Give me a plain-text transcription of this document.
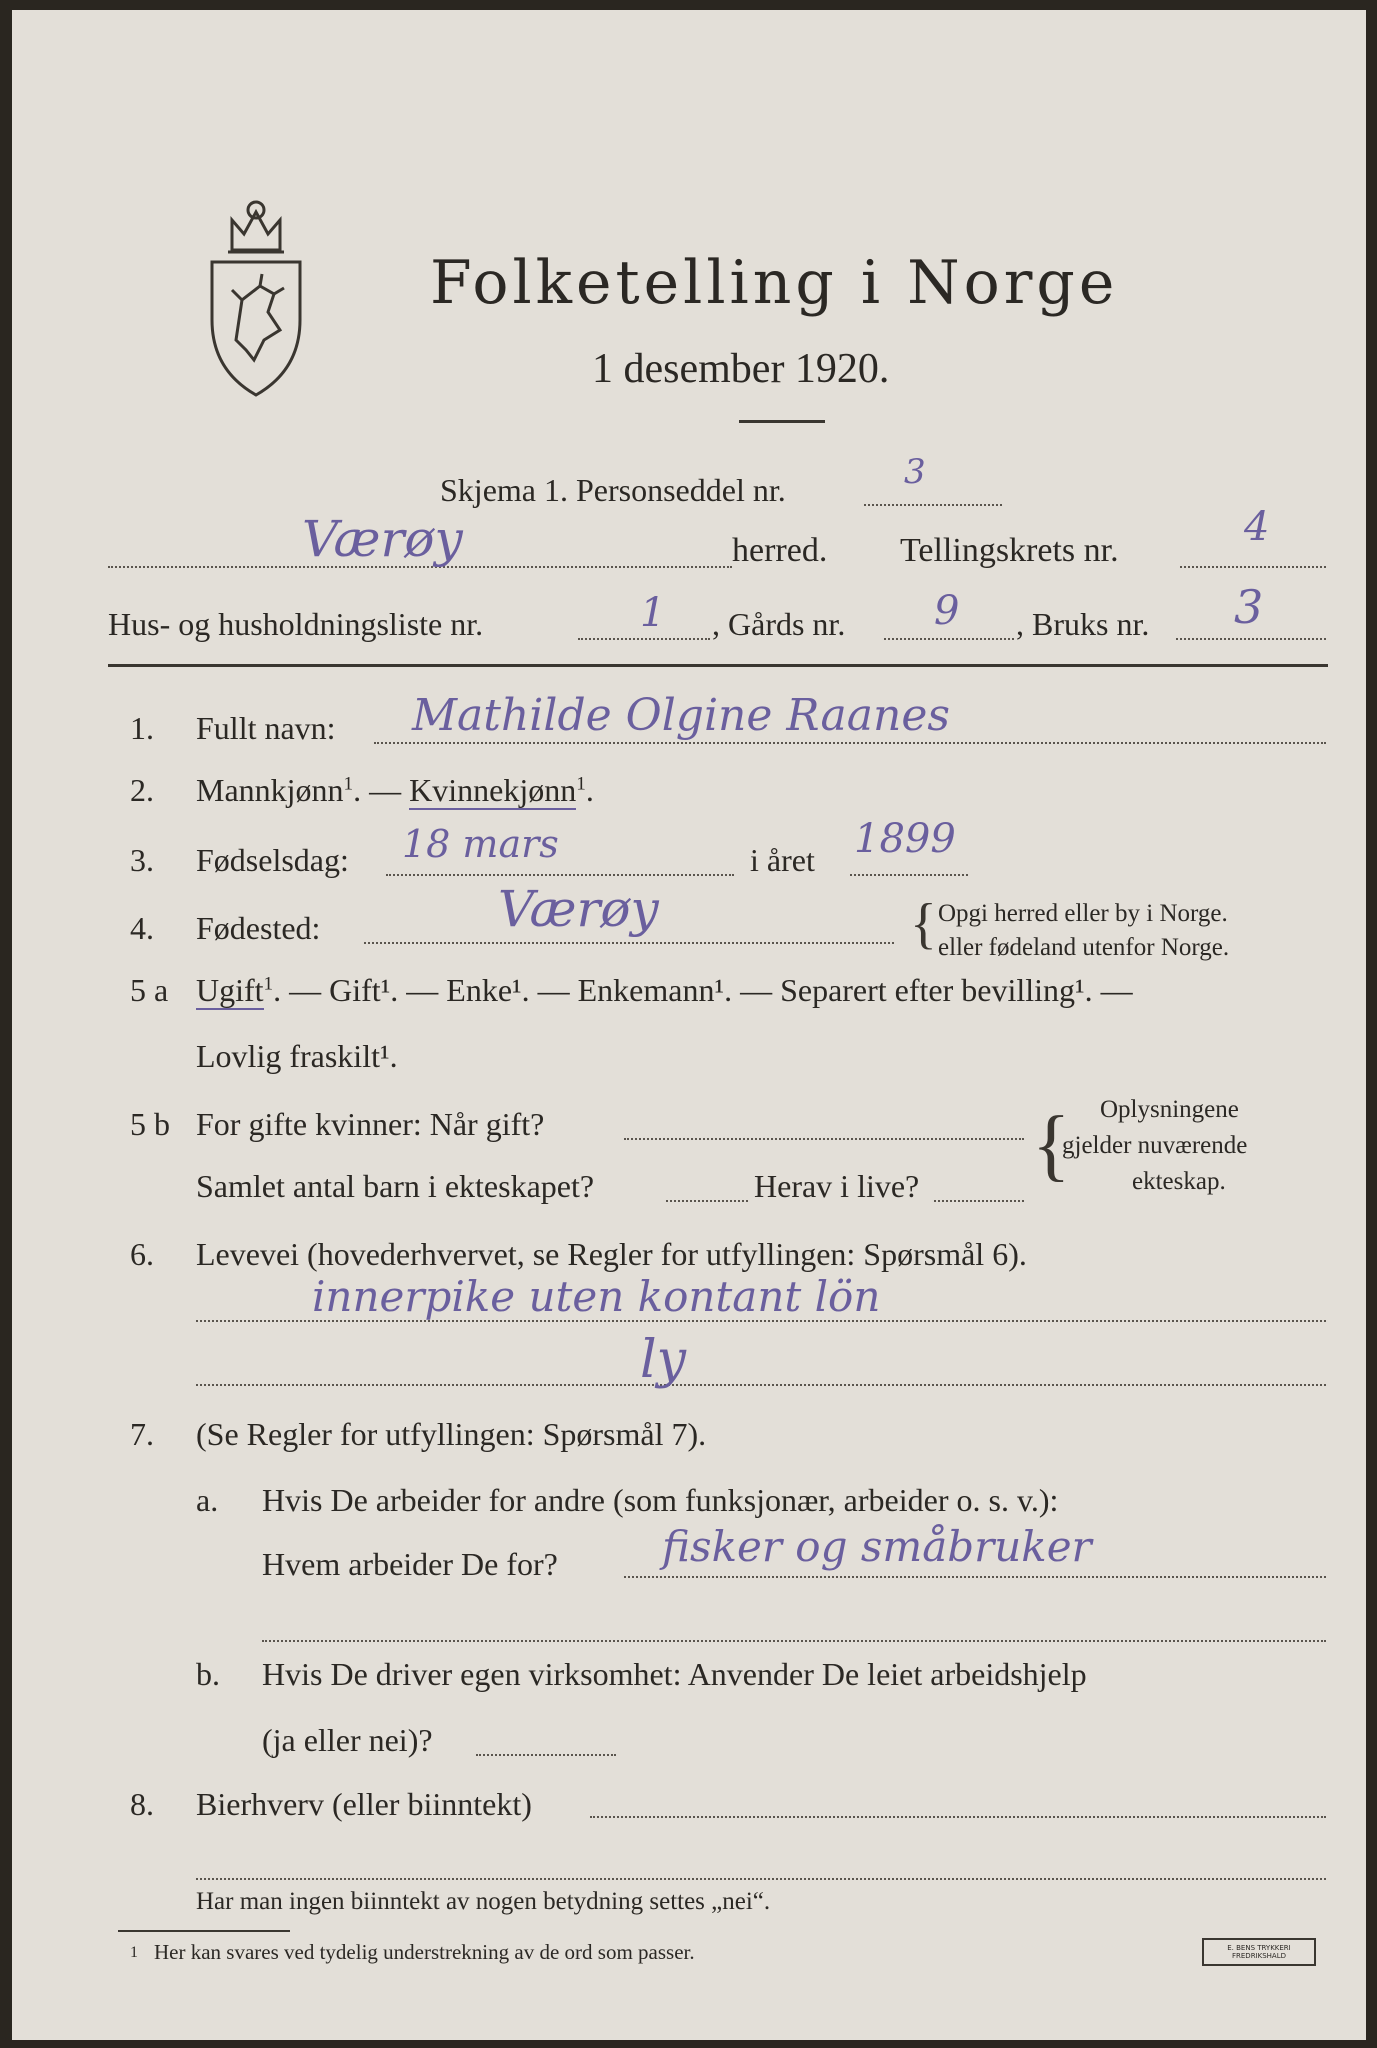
Folketelling i Norge
1 desember 1920.
Skjema 1. Personseddel nr.	3
Værøy	herred. Tellingskrets nr.
4
Hus- og husholdningsliste nr.	1 , Gårds nr. 9 , Bruks nr. 3
1. Fullt navn: Mathilde Olgine Raanes
2. Mannkjønn$^1$. — Kvinnekjønn$^1$.
3. Fødselsdag: 18 mars	i året 1899
4. Fødested:	Værøy	{ Opgi herred eller by i Norge.
eller fødeland utenfor Norge.
5 a Ugift$^1$. — Gift¹. — Enke¹. — Enkemann¹. — Separert efter bevilling¹. —
Lovlig fraskilt¹.
5 b For gifte kvinner: Når gift?
Samlet antal barn i ekteskapet?	Herav i live? { Oplysningene
gjelder nuværende
ekteskap.
6. Levevei (hovederhvervet, se Regler for utfyllingen: Spørsmål 6).
innerpike uten kontant lön
ly
7. (Se Regler for utfyllingen: Spørsmål 7).
a. Hvis De arbeider for andre (som funksjonær, arbeider o. s. v.):
Hvem arbeider De for? fisker og småbruker
b. Hvis De driver egen virksomhet: Anvender De leiet arbeidshjelp
(ja eller nei)?
8. Bierhverv (eller biinntekt)
Har man ingen biinntekt av nogen betydning settes „nei“.
1 Her kan svares ved tydelig understrekning av de ord som passer.	E. BENS TRYKKERI
FREDRIKSHALD
